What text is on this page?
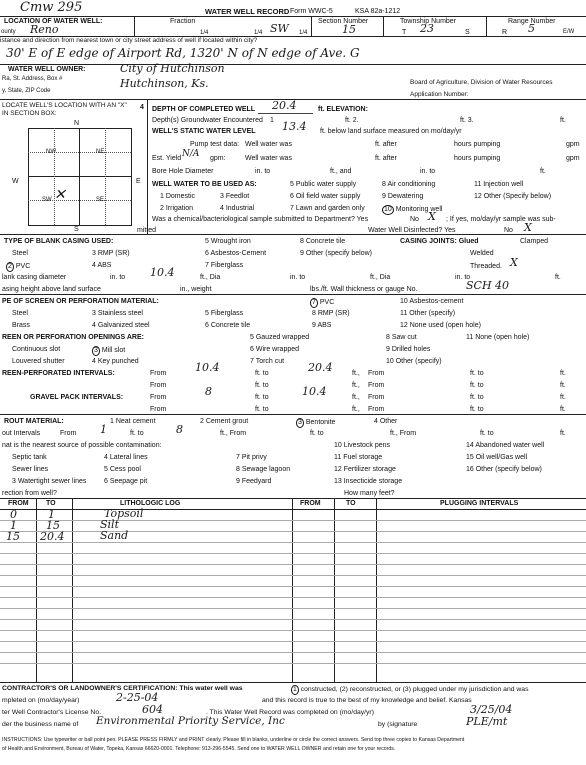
Cmw 295	WATER WELL RECORD Form WWC-5	KSA 82a-1212
LOCATION OF WATER WELL:
ounty Reno
Fraction
1/4	1/4 SW 1/4
Section Number
15
Township Number
T 23	S
Range Number
R 5	E/W
istance and direction from nearest town or city street address of well if located within city?
30' E of E edge of Airport Rd, 1320' N of N edge of Ave. G
WATER WELL OWNER:	City of Hutchinson
Ra, St. Address, Box #	Hutchinson, Ks.
y, State, ZIP Code
Board of Agriculture, Division of Water Resources
Application Number:
LOCATE WELL'S LOCATION WITH AN "X" IN SECTION BOX:
4
N
W	E
S
NW	NE
SW	SE
✕
DEPTH OF COMPLETED WELL 20.4	ft. ELEVATION:
Depth(s) Groundwater Encountered 1	ft. 2.	ft. 3.	ft.
WELL'S STATIC WATER LEVEL 13.4 ft. below land surface measured on mo/day/yr
Pump test data: Well water was	ft. after	hours pumping	gpm
Est. Yield N/A gpm:	Well water was	ft. after	hours pumping	gpm
Bore Hole Diameter	in. to	ft., and	in. to	ft.
WELL WATER TO BE USED AS:
1 Domestic
2 Irrigation
3 Feedlot
4 Industrial
5 Public water supply
6 Oil field water supply
7 Lawn and garden only
8 Air conditioning
9 Dewatering
10 Monitoring well
11 Injection well
12 Other (Specify below)
Was a chemical/bacteriological sample submitted to Department? Yes	No X ; If yes, mo/day/yr sample was sub-
mitted	Water Well Disinfected? Yes	No X
TYPE OF BLANK CASING USED:
Steel
2 PVC
3 RMP (SR)
4 ABS
5 Wrought iron
6 Asbestos-Cement
7 Fiberglass
8 Concrete tile
9 Other (specify below)
CASING JOINTS: Glued	Clamped
Welded
Threaded. X
lank casing diameter	in. to 10.4	ft., Dia	in. to	ft., Dia	in. to	ft.
asing height above land surface	in., weight	lbs./ft. Wall thickness or gauge No.	SCH 40
PE OF SCREEN OR PERFORATION MATERIAL:
Steel
Brass
3 Stainless steel
4 Galvanized steel
5 Fiberglass
6 Concrete tile
7 PVC
8 RMP (SR)
9 ABS
10 Asbestos-cement
11 Other (specify)
12 None used (open hole)
REEN OR PERFORATION OPENINGS ARE:
Continuous slot
Louvered shutter
3 Mill slot
4 Key punched
5 Gauzed wrapped
6 Wire wrapped
7 Torch cut
8 Saw cut
9 Drilled holes
10 Other (specify)
11 None (open hole)
REEN-PERFORATED INTERVALS:	From	10.4	ft. to	20.4	ft., From	ft. to	ft.
From	ft. to	ft., From	ft. to	ft.
GRAVEL PACK INTERVALS:	From	8	ft. to	10.4	ft., From	ft. to	ft.
From	ft. to	ft., From	ft. to	ft.
ROUT MATERIAL:	1 Neat cement	2 Cement grout	3 Bentonite	4 Other
out Intervals	From 1	ft. to	8	ft., From	ft. to	ft., From	ft. to	ft.
nat is the nearest source of possible contamination:
Septic tank
Sewer lines
3 Watertight sewer lines
4 Lateral lines
5 Cess pool
6 Seepage pit
7 Pit privy
8 Sewage lagoon
9 Feedyard
10 Livestock pens
11 Fuel storage
12 Fertilizer storage
13 Insecticide storage
14 Abandoned water well
15 Oil well/Gas well
16 Other (specify below)
rection from well?	How many feet?
FROM TO	LITHOLOGIC LOG	FROM	TO	PLUGGING INTERVALS
0	1	Topsoil
1	15	Silt
15 20.4	Sand
CONTRACTOR'S OR LANDOWNER'S CERTIFICATION: This water well was	1 constructed, (2) reconstructed, or (3) plugged under my jurisdiction and was
mpleted on (mo/day/year)	2-25-04	and this record is true to the best of my knowledge and belief. Kansas
ter Well Contractor's License No.	604	. This Water Well Record was completed on (mo/day/yr)	3/25/04
der the business name of Environmental Priority Service, Inc	by (signature	PLE/mt
INSTRUCTIONS: Use typewriter or ball point pen. PLEASE PRESS FIRMLY and PRINT clearly. Please fill in blanks, underline or circle the correct answers. Send top three copies to Kansas Department
of Health and Environment, Bureau of Water, Topeka, Kansas 66620-0001. Telephone: 913-296-5545. Send one to WATER WELL OWNER and retain one for your records.
